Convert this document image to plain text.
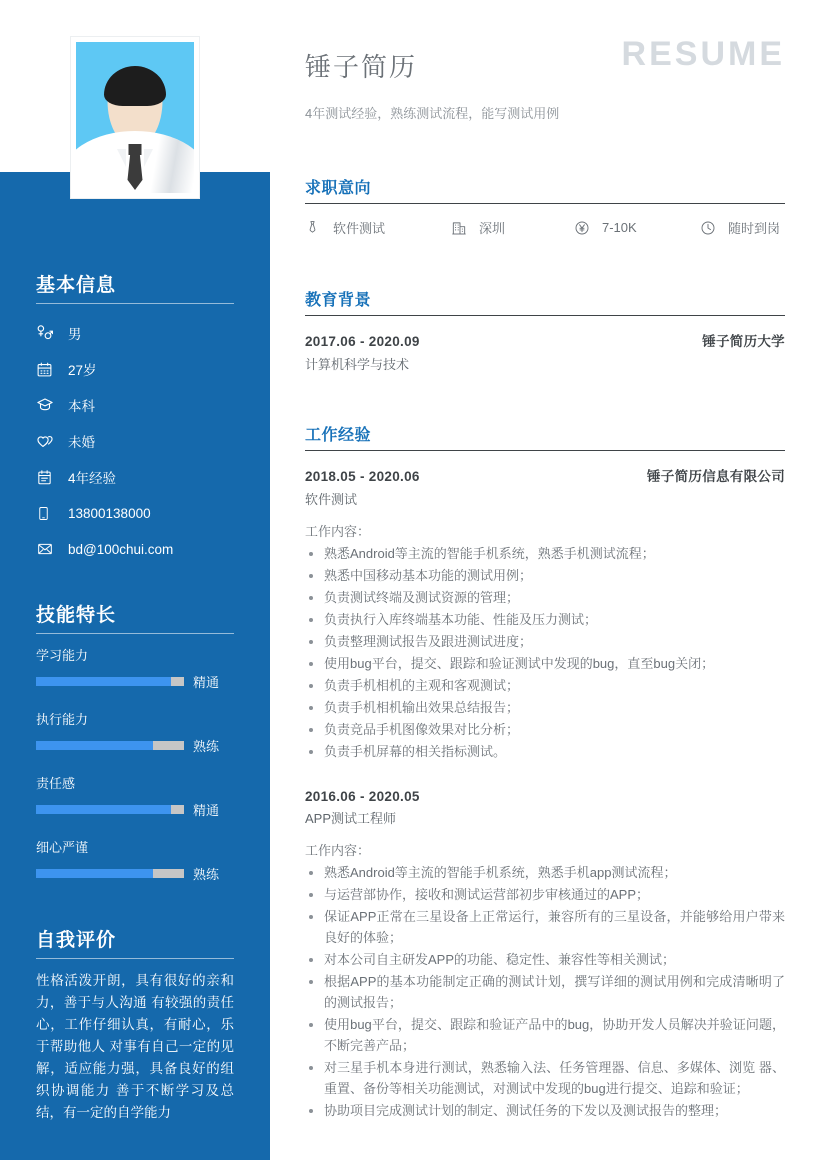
基本信息
男
27岁
本科
未婚
4年经验
13800138000
bd@100chui.com
技能特长
学习能力
精通
执行能力
熟练
责任感
精通
细心严谨
熟练
自我评价
性格活泼开朗，具有很好的亲和力，善于与人沟通 有较强的责任心，工作仔细认真，有耐心，乐于帮助他人 对事有自己一定的见解，适应能力强，具备良好的组织协调能力 善于不断学习及总结，有一定的自学能力
RESUME
锤子简历
4年测试经验，熟练测试流程，能写测试用例
求职意向
软件测试	深圳	7-10K	随时到岗
教育背景
2017.06 - 2020.09	锤子简历大学
计算机科学与技术
工作经验
2018.05 - 2020.06	锤子简历信息有限公司
软件测试
工作内容：
熟悉Android等主流的智能手机系统，熟悉手机测试流程；
熟悉中国移动基本功能的测试用例；
负责测试终端及测试资源的管理；
负责执行入库终端基本功能、性能及压力测试；
负责整理测试报告及跟进测试进度；
使用bug平台，提交、跟踪和验证测试中发现的bug，直至bug关闭；
负责手机相机的主观和客观测试；
负责手机相机输出效果总结报告；
负责竞品手机图像效果对比分析；
负责手机屏幕的相关指标测试。
2016.06 - 2020.05
APP测试工程师
工作内容：
熟悉Android等主流的智能手机系统，熟悉手机app测试流程；
与运营部协作，接收和测试运营部初步审核通过的APP；
保证APP正常在三星设备上正常运行，兼容所有的三星设备，并能够给用户带来良好的体验；
对本公司自主研发APP的功能、稳定性、兼容性等相关测试；
根据APP的基本功能制定正确的测试计划，撰写详细的测试用例和完成清晰明了的测试报告；
使用bug平台，提交、跟踪和验证产品中的bug，协助开发人员解决并验证问题，不断完善产品；
对三星手机本身进行测试，熟悉输入法、任务管理器、信息、多媒体、浏览 器、重置、备份等相关功能测试，对测试中发现的bug进行提交、追踪和验证；
协助项目完成测试计划的制定、测试任务的下发以及测试报告的整理；
